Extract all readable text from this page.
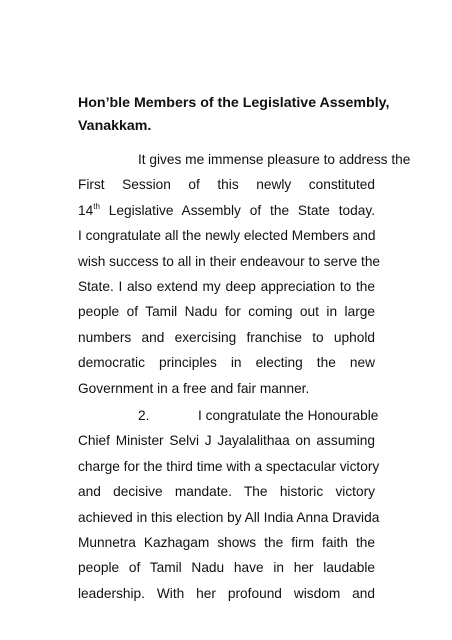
Hon’ble Members of the Legislative Assembly,
Vanakkam.
It gives me immense pleasure to address the
First Session of this newly constituted
14th Legislative Assembly of the State today.
I congratulate all the newly elected Members and
wish success to all in their endeavour to serve the
State. I also extend my deep appreciation to the
people of Tamil Nadu for coming out in large
numbers and exercising franchise to uphold
democratic principles in electing the new
Government in a free and fair manner.
2.	I congratulate the Honourable
Chief Minister Selvi J Jayalalithaa on assuming
charge for the third time with a spectacular victory
and decisive mandate. The historic victory
achieved in this election by All India Anna Dravida
Munnetra Kazhagam shows the firm faith the
people of Tamil Nadu have in her laudable
leadership. With her profound wisdom and
